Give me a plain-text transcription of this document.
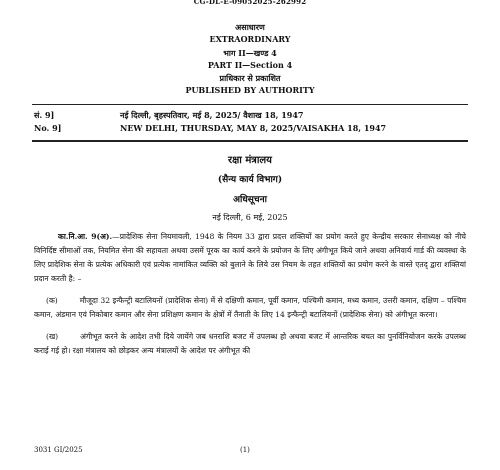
CG-DL-E-09052025-262992
असाधारण
EXTRAORDINARY
भाग II—खण्ड 4
PART II—Section 4
प्राधिकार से प्रकाशित
PUBLISHED BY AUTHORITY
सं. 9]
No. 9]
नई दिल्ली, बृहस्पतिवार, मई 8, 2025/ वैशाख 18, 1947
NEW DELHI, THURSDAY, MAY 8, 2025/VAISAKHA 18, 1947
रक्षा मंत्रालय
(सैन्य कार्य विभाग)
अधिसूचना
नई दिल्ली, 6 मई, 2025

का.नि.आ. 9(अ).—प्रादेशिक सेना नियमावली, 1948 के नियम 33 द्वारा प्रदत्त शक्तियों का प्रयोग करते हुए केन्द्रीय सरकार सेनाध्यक्ष को नीचे विनिर्दिष्ट सीमाओं तक, नियमित सेना की सहायता अथवा उसमें पूरक का कार्य करने के प्रयोजन के लिए अंगीभूत किये जाने अथवा अनिवार्य गार्ड की व्यवस्था के लिए प्रादेशिक सेना के प्रत्येक अधिकारी एवं प्रत्येक नामांकित व्यक्ति को बुलाने के लिये उस नियम के तहत शक्तियों का प्रयोग करने के वास्ते एतद् द्वारा शक्तियां प्रदान करती है: –

(क)	मौजूदा 32 इन्फैन्ट्री बटालियनों (प्रादेशिक सेना) में से दक्षिणी कमान, पूर्वी कमान, पश्चिमी कमान, मध्य कमान, उत्तरी कमान, दक्षिण – पश्चिम कमान, अंडमान एवं निकोबार कमान और सेना प्रशिक्षण कमान के क्षेत्रों में तैनाती के लिए 14 इन्फैन्ट्री बटालियनों (प्रादेशिक सेना) को अंगीभूत करना।

(ख)	अंगीभूत करने के आदेश तभी दिये जायेंगे जब धनराशि बजट में उपलब्ध हो अथवा बजट में आन्तरिक बचत का पुनर्विनियोजन करके उपलब्ध कराई गई हो। रक्षा मंत्रालय को छोड़कर अन्य मंत्रालयों के आदेश पर अंगीभूत की

3031 GI/2025	(1)
